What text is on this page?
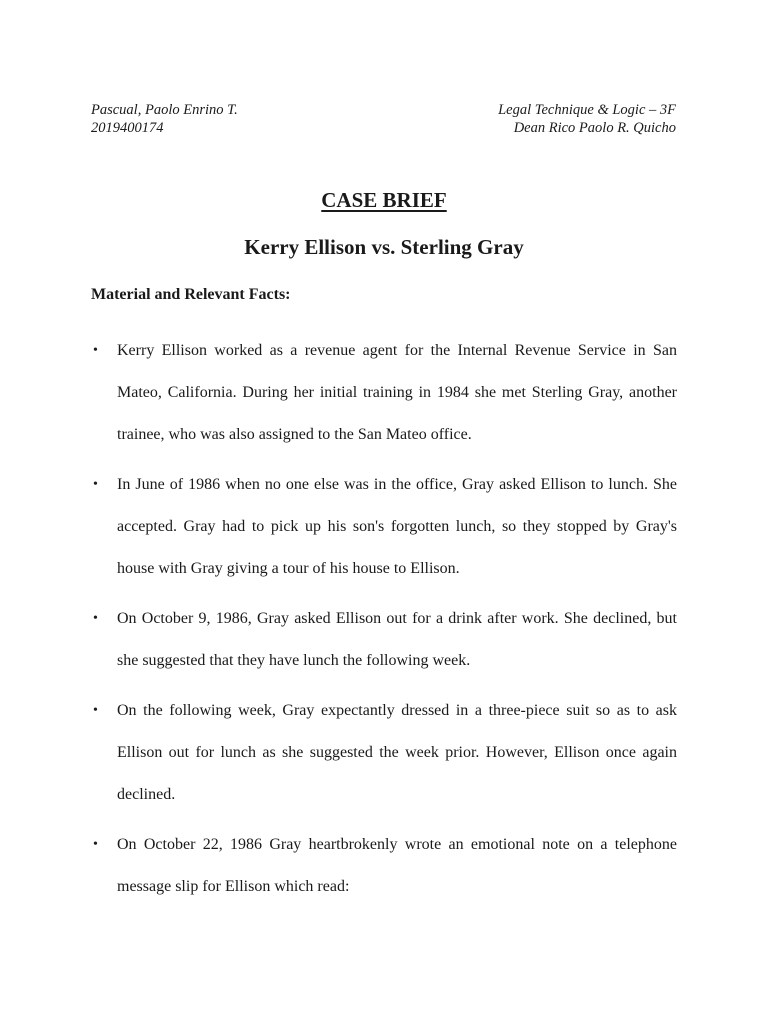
Pascual, Paolo Enrino T.
2019400174
Legal Technique & Logic – 3F
Dean Rico Paolo R. Quicho
CASE BRIEF
Kerry Ellison vs. Sterling Gray
Material and Relevant Facts:
•	Kerry Ellison worked as a revenue agent for the Internal Revenue Service in San Mateo, California. During her initial training in 1984 she met Sterling Gray, another trainee, who was also assigned to the San Mateo office.
•	In June of 1986 when no one else was in the office, Gray asked Ellison to lunch. She accepted. Gray had to pick up his son's forgotten lunch, so they stopped by Gray's house with Gray giving a tour of his house to Ellison.
•	On October 9, 1986, Gray asked Ellison out for a drink after work. She declined, but she suggested that they have lunch the following week.
•	On the following week, Gray expectantly dressed in a three-piece suit so as to ask Ellison out for lunch as she suggested the week prior. However, Ellison once again declined.
•	On October 22, 1986 Gray heartbrokenly wrote an emotional note on a telephone message slip for Ellison which read:
